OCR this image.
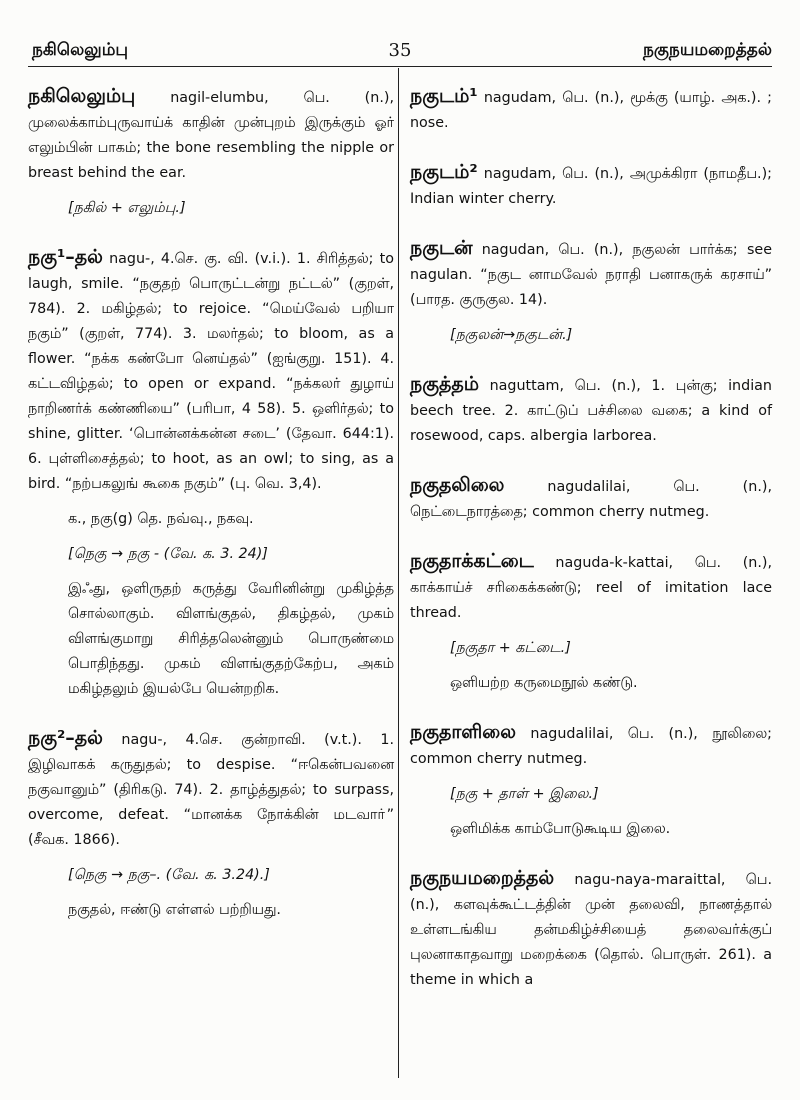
நகிலெலும்பு	35	நகுநயமறைத்தல்

நகிலெலும்பு nagil-elumbu, பெ. (n.), முலைக்காம்புருவாய்க் காதின் முன்புறம் இருக்கும் ஓர் எலும்பின் பாகம்; the bone resembling the nipple or breast behind the ear.

[நகில் + எலும்பு.]

நகு¹–தல் nagu-, 4.செ. கு. வி. (v.i.). 1. சிரித்தல்; to laugh, smile. “நகுதற் பொருட்டன்று நட்டல்” (குறள், 784). 2. மகிழ்தல்; to rejoice. “மெய்வேல் பறியா நகும்” (குறள், 774). 3. மலர்தல்; to bloom, as a flower. “நக்க கண்போ னெய்தல்” (ஐங்குறு. 151). 4. கட்டவிழ்தல்; to open or expand. “நக்கலர் துழாய் நாறிணர்க் கண்ணியை” (பரிபா, 4 58). 5. ஒளிர்தல்; to shine, glitter. ‘பொன்னக்கன்ன சடை’ (தேவா. 644:1). 6. புள்ளிசைத்தல்; to hoot, as an owl; to sing, as a bird. “நற்பகலுங் கூகை நகும்” (பு. வெ. 3,4).

க., நகு(g) தெ. நவ்வு., நகவு.
[நெகு → நகு - (வே. க. 3. 24)]
இஃது, ஒளிருதற் கருத்து வேரினின்று முகிழ்த்த சொல்லாகும். விளங்குதல், திகழ்தல், முகம் விளங்குமாறு சிரித்தலென்னும் பொருண்மை பொதிந்தது. முகம் விளங்குதற்கேற்ப, அகம் மகிழ்தலும் இயல்பே யென்றறிக.

நகு²–தல் nagu-, 4.செ. குன்றாவி. (v.t.). 1. இழிவாகக் கருதுதல்; to despise. “ஈகென்பவனை நகுவானும்” (திரிகடு. 74). 2. தாழ்த்துதல்; to surpass, overcome, defeat. “மானக்க நோக்கின் மடவாா்” (சீவக. 1866).

[நெகு → நகு–. (வே. க. 3.24).]
நகுதல், ஈண்டு எள்ளல் பற்றியது.

நகுடம்¹ nagudam, பெ. (n.), மூக்கு (யாழ். அக.). ; nose.

நகுடம்² nagudam, பெ. (n.), அமுக்கிரா (நாமதீப.); Indian winter cherry.

நகுடன் nagudan, பெ. (n.), நகுலன் பார்க்க; see nagulan. “நகுட னாமவேல் நராதி பனாகருக் கரசாய்” (பாரத. குருகுல. 14).

[நகுலன்→நகுடன்.]

நகுத்தம் naguttam, பெ. (n.), 1. புன்கு; indian beech tree. 2. காட்டுப் பச்சிலை வகை; a kind of rosewood, caps. albergia larborea.

நகுதலிலை nagudalilai, பெ. (n.), நெட்டைநாரத்தை; common cherry nutmeg.

நகுதாக்கட்டை naguda-k-kattai, பெ. (n.), காக்காய்ச் சரிகைக்கண்டு; reel of imitation lace thread.

[நகுதா + கட்டை.]
ஒளியற்ற கருமைநூல் கண்டு.

நகுதாளிலை nagudalilai, பெ. (n.), நூலிலை; common cherry nutmeg.

[நகு + தாள் + இலை.]
ஒளிமிக்க காம்போடுகூடிய இலை.

நகுநயமறைத்தல் nagu-naya-maraittal, பெ. (n.), களவுக்கூட்டத்தின் முன் தலைவி, நாணத்தால் உள்ளடங்கிய தன்மகிழ்ச்சியைத் தலைவர்க்குப் புலனாகாதவாறு மறைக்கை (தொல். பொருள். 261). a theme in which a
